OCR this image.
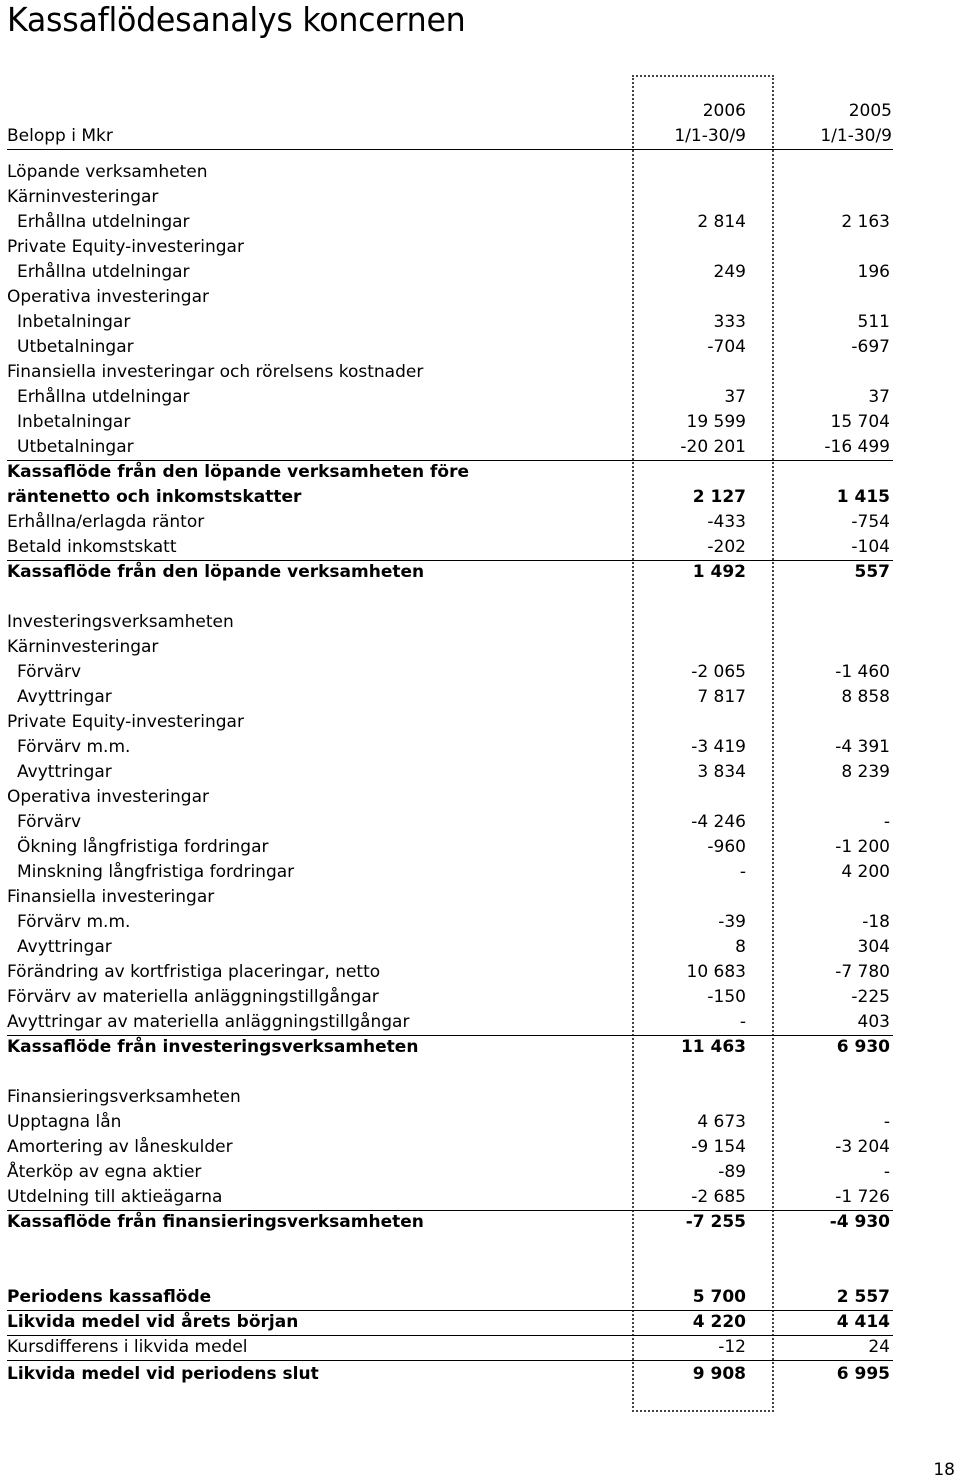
Kassaflödesanalys koncernen
2006	2005
Belopp i Mkr	1/1-30/9	1/1-30/9
Löpande verksamheten
Kärninvesteringar
Erhållna utdelningar	2 814	2 163
Private Equity-investeringar
Erhållna utdelningar	249	196
Operativa investeringar
Inbetalningar	333	511
Utbetalningar	-704	-697
Finansiella investeringar och rörelsens kostnader
Erhållna utdelningar	37	37
Inbetalningar	19 599	15 704
Utbetalningar	-20 201	-16 499
Kassaflöde från den löpande verksamheten före
räntenetto och inkomstskatter	2 127	1 415
Erhållna/erlagda räntor	-433	-754
Betald inkomstskatt	-202	-104
Kassaflöde från den löpande verksamheten	1 492	557
Investeringsverksamheten
Kärninvesteringar
Förvärv	-2 065	-1 460
Avyttringar	7 817	8 858
Private Equity-investeringar
Förvärv m.m.	-3 419	-4 391
Avyttringar	3 834	8 239
Operativa investeringar
Förvärv	-4 246	-
Ökning långfristiga fordringar	-960	-1 200
Minskning långfristiga fordringar	-	4 200
Finansiella investeringar
Förvärv m.m.	-39	-18
Avyttringar	8	304
Förändring av kortfristiga placeringar, netto	10 683	-7 780
Förvärv av materiella anläggningstillgångar	-150	-225
Avyttringar av materiella anläggningstillgångar	-	403
Kassaflöde från investeringsverksamheten	11 463	6 930
Finansieringsverksamheten
Upptagna lån	4 673	-
Amortering av låneskulder	-9 154	-3 204
Återköp av egna aktier	-89	-
Utdelning till aktieägarna	-2 685	-1 726
Kassaflöde från finansieringsverksamheten	-7 255	-4 930
Periodens kassaflöde	5 700	2 557
Likvida medel vid årets början	4 220	4 414
Kursdifferens i likvida medel	-12	24
Likvida medel vid periodens slut	9 908	6 995
18
